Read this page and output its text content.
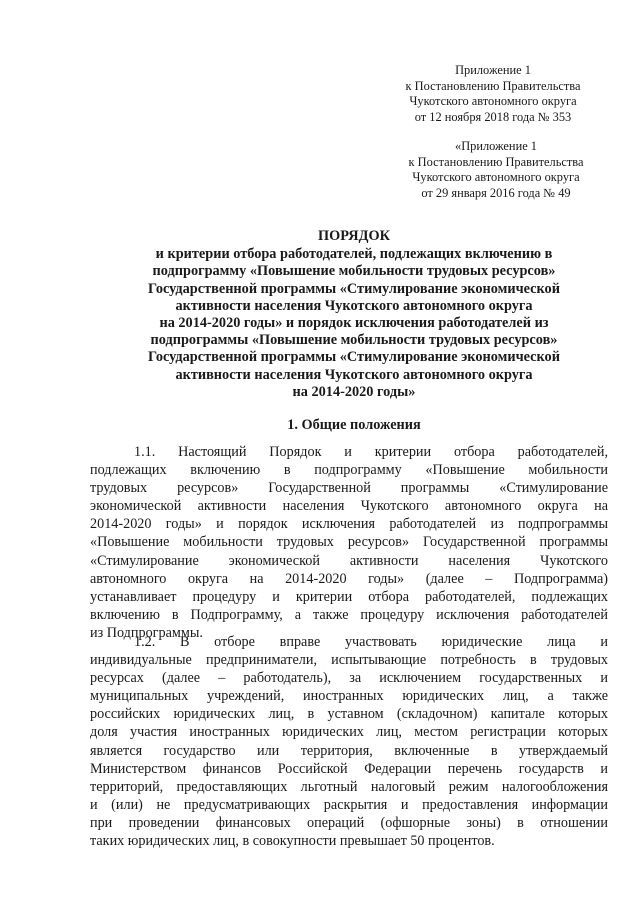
Приложение 1
к Постановлению Правительства
Чукотского автономного округа
от 12 ноября 2018 года № 353
«Приложение 1
к Постановлению Правительства
Чукотского автономного округа
от 29 января 2016 года № 49
ПОРЯДОК
и критерии отбора работодателей, подлежащих включению в
подпрограмму «Повышение мобильности трудовых ресурсов»
Государственной программы «Стимулирование экономической
активности населения Чукотского автономного округа
на 2014-2020 годы» и порядок исключения работодателей из
подпрограммы «Повышение мобильности трудовых ресурсов»
Государственной программы «Стимулирование экономической
активности населения Чукотского автономного округа
на 2014-2020 годы»
1. Общие положения
1.1. Настоящий Порядок и критерии отбора работодателей,
подлежащих включению в подпрограмму «Повышение мобильности
трудовых ресурсов» Государственной программы «Стимулирование
экономической активности населения Чукотского автономного округа на
2014-2020 годы» и порядок исключения работодателей из подпрограммы
«Повышение мобильности трудовых ресурсов» Государственной программы
«Стимулирование экономической активности населения Чукотского
автономного округа на 2014-2020 годы» (далее – Подпрограмма)
устанавливает процедуру и критерии отбора работодателей, подлежащих
включению в Подпрограмму, а также процедуру исключения работодателей
из Подпрограммы.
1.2. В отборе вправе участвовать юридические лица и
индивидуальные предприниматели, испытывающие потребность в трудовых
ресурсах (далее – работодатель), за исключением государственных и
муниципальных учреждений, иностранных юридических лиц, а также
российских юридических лиц, в уставном (складочном) капитале которых
доля участия иностранных юридических лиц, местом регистрации которых
является государство или территория, включенные в утверждаемый
Министерством финансов Российской Федерации перечень государств и
территорий, предоставляющих льготный налоговый режим налогообложения
и (или) не предусматривающих раскрытия и предоставления информации
при проведении финансовых операций (офшорные зоны) в отношении
таких юридических лиц, в совокупности превышает 50 процентов.
